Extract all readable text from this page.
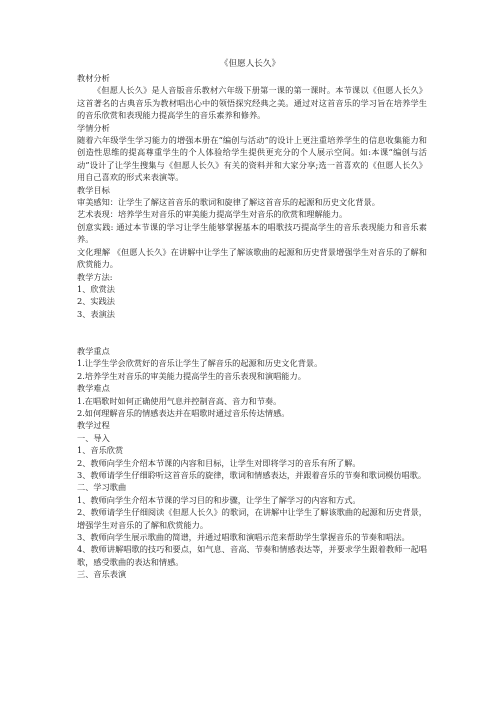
《但愿人长久》

教材分析

《但愿人长久》是人音版音乐教材六年级下册第一课的第一课时。本节课以《但愿人长久》这首著名的古典音乐为教材唱出心中的领悟探究经典之美。通过对这首音乐的学习旨在培养学生的音乐欣赏和表现能力提高学生的音乐素养和修养。

学情分析

随着六年级学生学习能力的增强本册在“编创与活动”的设计上更注重培养学生的信息收集能力和创造性思维的提高尊重学生的个人体验给学生提供更充分的个人展示空间。如:本课“编创与活动”设计了让学生搜集与《但愿人长久》有关的资料并和大家分享;选一首喜欢的《但愿人长久》用自己喜欢的形式来表演等。

教学目标

审美感知：让学生了解这首音乐的歌词和旋律了解这首音乐的起源和历史文化背景。

艺术表现：培养学生对音乐的审美能力提高学生对音乐的欣赏和理解能力。

创意实践: 通过本节课的学习让学生能够掌握基本的唱歌技巧提高学生的音乐表现能力和音乐素养。

文化理解 《但愿人长久》在讲解中让学生了解该歌曲的起源和历史背景增强学生对音乐的了解和欣赏能力。

教学方法:

1、欣赏法

2、实践法

3、表演法

教学重点

1.让学生学会欣赏好的音乐让学生了解音乐的起源和历史文化背景。

2.培养学生对音乐的审美能力提高学生的音乐表现和演唱能力。

教学难点

1.在唱歌时如何正确使用气息并控制音高、音力和节奏。

2.如何理解音乐的情感表达并在唱歌时通过音乐传达情感。

教学过程

一、导入

1、音乐欣赏

2、教师向学生介绍本节课的内容和目标，让学生对即将学习的音乐有所了解。

3、教师请学生仔细聆听这首音乐的旋律，歌词和情感表达，并跟着音乐的节奏和歌词模仿唱歌。

二、学习歌曲

1、教师向学生介绍本节课的学习目的和步骤，让学生了解学习的内容和方式。

2、教师请学生仔细阅读《但愿人长久》的歌词，在讲解中让学生了解该歌曲的起源和历史背景，增强学生对音乐的了解和欣赏能力。

3、教师向学生展示歌曲的简谱，并通过唱歌和演唱示范来帮助学生掌握音乐的节奏和唱法。

4、教师讲解唱歌的技巧和要点，如气息、音高、节奏和情感表达等，并要求学生跟着教师一起唱歌，感受歌曲的表达和情感。

三、音乐表演
